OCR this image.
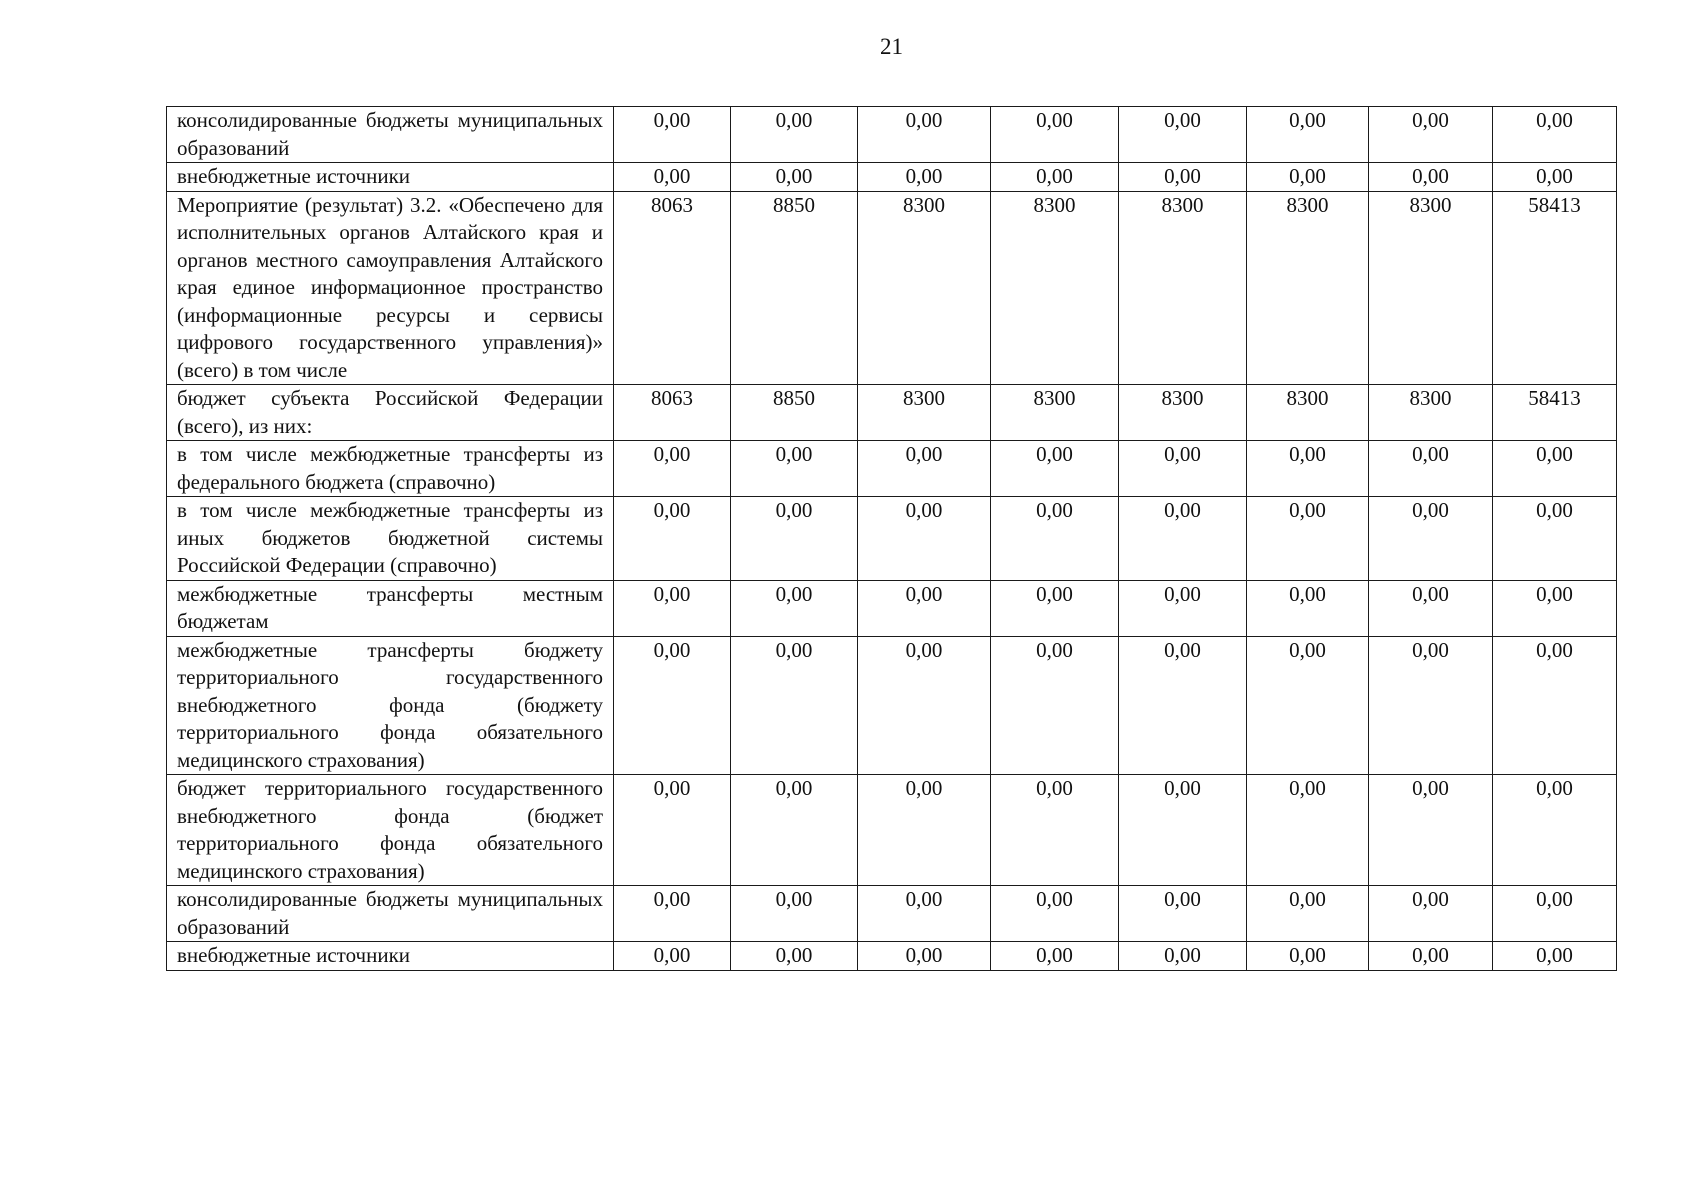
21
консолидированные бюджеты муниципальных образований	0,00	0,00	0,00	0,00	0,00	0,00	0,00	0,00
внебюджетные источники	0,00	0,00	0,00	0,00	0,00	0,00	0,00	0,00
Мероприятие (результат) 3.2. «Обеспечено для исполнительных органов Алтайского края и органов местного самоуправления Алтайского края единое информационное пространство (информационные ресурсы и сервисы цифрового государственного управления)» (всего) в том числе	8063	8850	8300	8300	8300	8300	8300	58413
бюджет субъекта Российской Федерации (всего), из них:	8063	8850	8300	8300	8300	8300	8300	58413
в том числе межбюджетные трансферты из федерального бюджета (справочно)	0,00	0,00	0,00	0,00	0,00	0,00	0,00	0,00
в том числе межбюджетные трансферты из иных бюджетов бюджетной системы Российской Федерации (справочно)	0,00	0,00	0,00	0,00	0,00	0,00	0,00	0,00
межбюджетные трансферты местным бюджетам	0,00	0,00	0,00	0,00	0,00	0,00	0,00	0,00
межбюджетные трансферты бюджету территориального государственного внебюджетного фонда (бюджету территориального фонда обязательного медицинского страхования)	0,00	0,00	0,00	0,00	0,00	0,00	0,00	0,00
бюджет территориального государственного внебюджетного фонда (бюджет территориального фонда обязательного медицинского страхования)	0,00	0,00	0,00	0,00	0,00	0,00	0,00	0,00
консолидированные бюджеты муниципальных образований	0,00	0,00	0,00	0,00	0,00	0,00	0,00	0,00
внебюджетные источники	0,00	0,00	0,00	0,00	0,00	0,00	0,00	0,00
